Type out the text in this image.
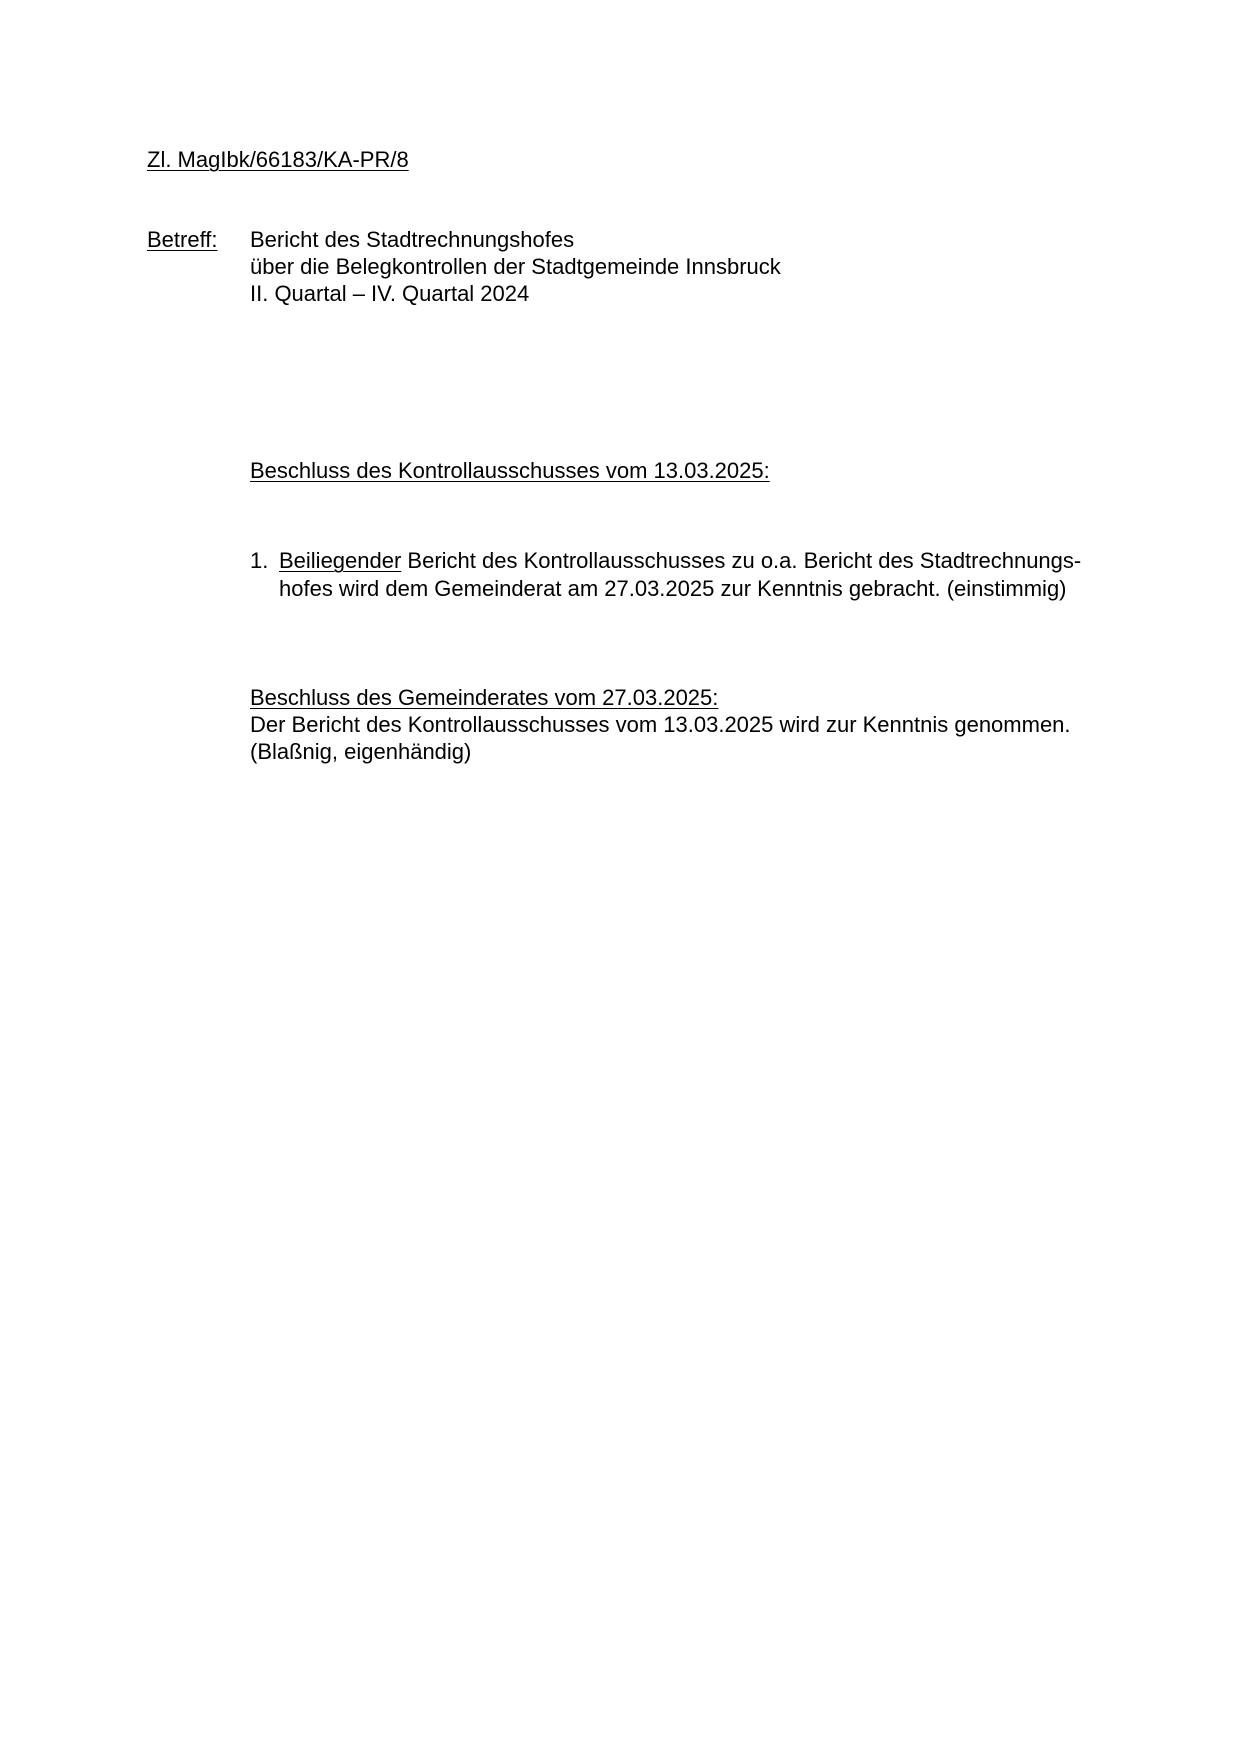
Zl. MagIbk/66183/KA-PR/8
Betreff: Bericht des Stadtrechnungshofes
über die Belegkontrollen der Stadtgemeinde Innsbruck
II. Quartal – IV. Quartal 2024
Beschluss des Kontrollausschusses vom 13.03.2025:
1. Beiliegender Bericht des Kontrollausschusses zu o.a. Bericht des Stadtrechnungs-
hofes wird dem Gemeinderat am 27.03.2025 zur Kenntnis gebracht. (einstimmig)
Beschluss des Gemeinderates vom 27.03.2025:
Der Bericht des Kontrollausschusses vom 13.03.2025 wird zur Kenntnis genommen.
(Blaßnig, eigenhändig)
